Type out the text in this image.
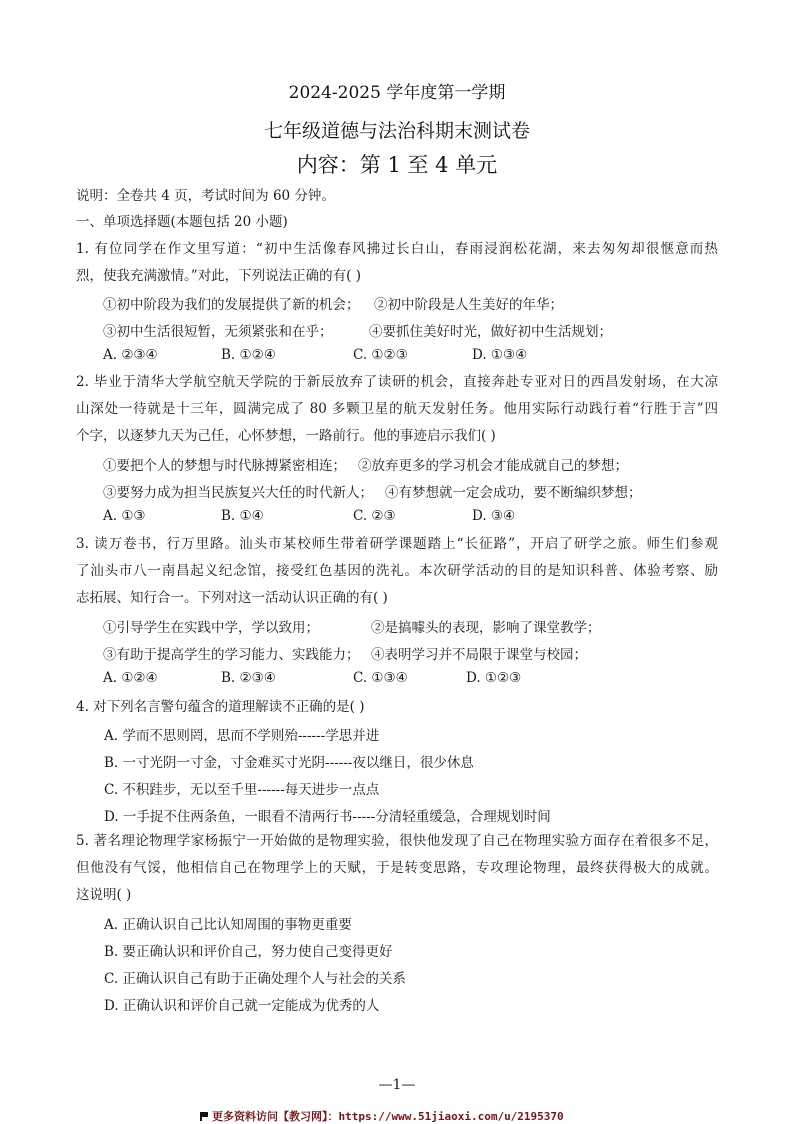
2024-2025 学年度第一学期
七年级道德与法治科期末测试卷
内容：第 1 至 4 单元
说明：全卷共 4 页，考试时间为 60 分钟。
一、单项选择题(本题包括 20 小题)
1. 有位同学在作文里写道：“初中生活像春风拂过长白山，春雨浸润松花湖，来去匆匆却很惬意而热
烈，使我充满激情。”对此，下列说法正确的有( )
①初中阶段为我们的发展提供了新的机会； ②初中阶段是人生美好的年华；
③初中生活很短暂，无须紧张和在乎；	④要抓住美好时光，做好初中生活规划；
A. ②③④	B. ①②④	C. ①②③	D. ①③④
2. 毕业于清华大学航空航天学院的于新辰放弃了读研的机会，直接奔赴专亚对日的西昌发射场，在大凉
山深处一待就是十三年，圆满完成了 80 多颗卫星的航天发射任务。他用实际行动践行着“行胜于言”四
个字，以逐梦九天为己任，心怀梦想，一路前行。他的事迹启示我们( )
①要把个人的梦想与时代脉搏紧密相连； ②放弃更多的学习机会才能成就自己的梦想；
③要努力成为担当民族复兴大任的时代新人； ④有梦想就一定会成功，要不断编织梦想；
A. ①③	B. ①④	C. ②③	D. ③④
3. 读万卷书，行万里路。汕头市某校师生带着研学课题踏上“长征路”，开启了研学之旅。师生们参观
了汕头市八一南昌起义纪念馆，接受红色基因的洗礼。本次研学活动的目的是知识科普、体验考察、励
志拓展、知行合一。下列对这一活动认识正确的有( )
①引导学生在实践中学，学以致用；	②是搞噱头的表现，影响了课堂教学；
③有助于提高学生的学习能力、实践能力； ④表明学习并不局限于课堂与校园；
A. ①②④	B. ②③④	C. ①③④	D. ①②③
4. 对下列名言警句蕴含的道理解读不正确的是( )
A. 学而不思则罔，思而不学则殆------学思并进
B. 一寸光阴一寸金，寸金难买寸光阴------夜以继日，很少休息
C. 不积跬步，无以至千里------每天进步一点点
D. 一手捉不住两条鱼，一眼看不清两行书-----分清轻重缓急，合理规划时间
5. 著名理论物理学家杨振宁一开始做的是物理实验，很快他发现了自己在物理实验方面存在着很多不足，
但他没有气馁，他相信自己在物理学上的天赋，于是转变思路，专攻理论物理，最终获得极大的成就。
这说明( )
A. 正确认识自己比认知周围的事物更重要
B. 要正确认识和评价自己，努力使自己变得更好
C. 正确认识自己有助于正确处理个人与社会的关系
D. 正确认识和评价自己就一定能成为优秀的人
—1—
更多资料访问【教习网】：https://www.51jiaoxi.com/u/2195370
